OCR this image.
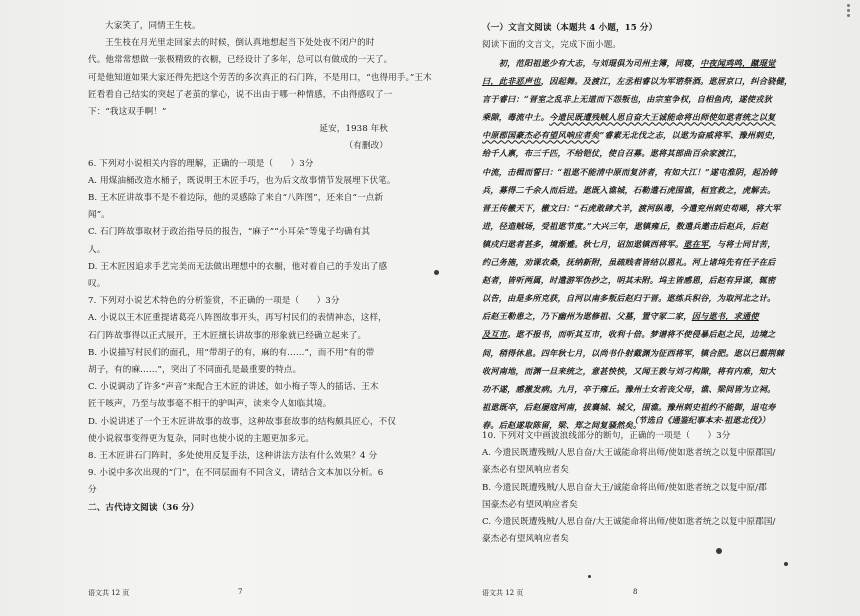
大家笑了，同情王生枝。
王生枝在月光里走回家去的时候，倒认真地想起当下处处夜不闭户的时
代。他常常想做一张极精致的衣橱，已经设计了多年，总可以有做成的一天了。
可是他知道如果大家还得先把这个劳苦的多次真正的石门阵，不是用口，“也得用手。”王木
匠看看自己结实的突起了老茧的掌心，说不出由于哪一种情感，不由得感叹了一
下：“我这双手啊！”
延安，1938 年秋
（有删改）
6. 下列对小说相关内容的理解，正确的一项是（　　）3分
A. 用煤油桶改造水桶子，既说明王木匠手巧，也为后文故事情节发展埋下伏笔。
B. 王木匠讲故事不是不着边际，他的灵感除了来自“八阵图”，还来自“一点新
闻”。
C. 石门阵故事取材于政治指导员的报告，“麻子”“小耳朵”等鬼子均确有其
人。
D. 王木匠因追求手艺完美而无法做出理想中的衣橱，他对着自己的手发出了感
叹。
7. 下列对小说艺术特色的分析鉴赏，不正确的一项是（　　）3分
A. 小说以王木匠重提诸葛亮八阵图故事开头，再写村民们的表情神态，这样，
石门阵故事得以正式展开，王木匠擅长讲故事的形象就已经确立起来了。
B. 小说描写村民们的面孔，用“带胡子的有，麻的有……”，而不用“有的带
胡子，有的麻……”，突出了不同面孔是最重要的特点。
C. 小说调动了许多“声音”来配合王木匠的讲述，如小梅子等人的插话、王木
匠干咳声，乃至与故事毫不相干的驴叫声，读来令人如临其境。
D. 小说讲述了一个王木匠讲故事的故事，这种故事套故事的结构颇具匠心，不仅
使小说叙事变得更为复杂，同时也使小说的主题更加多元。
8. 王木匠讲石门阵时，多处使用反复手法，这种讲法方法有什么效果？4 分
9. 小说中多次出现的“门”，在不同层面有不同含义，请结合文本加以分析。6
分
二、古代诗文阅读（36 分）
语文共 12 页	7
（一）文言文阅读（本题共 4 小题，15 分）
阅读下面的文言文，完成下面小题。
　　初，范阳祖逖少有大志，与刘琨俱为司州主簿，同寝，中夜闻鸡鸣，蹴琨觉
曰，此非恶声也，因起舞。及渡江，左丞相睿以为军谘祭酒。逖居京口，纠合骁健，
言于睿曰：“晋室之乱非上无道而下怨叛也，由宗室争权，自相鱼肉，遂使戎狄
乘隙，毒流中土。今遗民既遭残贼人思自奋大王诚能命将出师使如逖者统之以复
中原郡国豪杰必有望风响应者矣”睿素无北伐之志，以逖为奋威将军、豫州刺史，
给千人禀，布三千匹，不给铠仗，使自召募。逖将其部曲百余家渡江，
中流，击楫而誓曰：“祖逖不能清中原而复济者，有如大江！”遂屯淮阴，起冶铸
兵，募得二千余人而后进。逖既入谯城，石勒遣石虎围谯，桓宣救之，虎解去。
晋王传檄天下，檄文曰：“石虎敢肆犬羊，渡河纵毒，今遣兖州刺史苟晞，将大军
进，径造贼场，受祖逖节度。”大兴三年，逖镇雍丘，数遣兵邀击后赵兵，后赵
镇戍归逖者甚多，境渐蹙。秋七月，诏加逖镇西将军。逖在军，与将士同甘苦，
约己务施，劝课农桑，抚纳新附，虽疏贱者皆结以恩礼。河上诸坞先有任子在后
赵者，皆听两属，时遣游军伪抄之，明其未附。坞主皆感恩，后赵有异谋，辄密
以告，由是多所克获，自河以南多叛后赵归于晋。逖练兵积谷，为取河北之计。
后赵王勒患之，乃下幽州为逖修祖、父墓，置守冢二家，因与逖书，求通使
及互市。逖不报书，而听其互市，收利十倍。梦谱将不使侵暴后赵之民，边境之
间，稍得休息。四年秋七月，以尚书仆射戴渊为征西将军，镇合肥。逖以已翦荆棘
收河南地，而渊一旦来统之，意甚怏怏，又闻王敦与刘刁构隙，将有内难，知大
功不遂，感激发病。九月，卒于雍丘。豫州士女若丧父母，谯、梁间皆为立祠。
祖逖既卒，后赵屡寇河南，拔襄城、城父，围谯。豫州刺史祖约不能御，退屯寿
春。后赵遂取陈留，梁、郑之间复骚然矣。
（节选自《通鉴纪事本末·祖逖北伐》）
10. 下列对文中画波浪线部分的断句，正确的一项是（　　）3分
A. 今遗民既遭残贼/人思自奋/大王诚能命将出师/使如逖者统之以复中原郡国/
豪杰必有望风响应者矣
B. 今遗民既遭残贼/人思自奋大王/诚能命将出师/使如逖者统之以复中原/郡
国豪杰必有望风响应者矣
C. 今遗民既遭残贼/人思自奋/大王诚能命将出师/使如逖者统之以复中原郡国/
豪杰必有望风响应者矣
语文共 12 页	8
